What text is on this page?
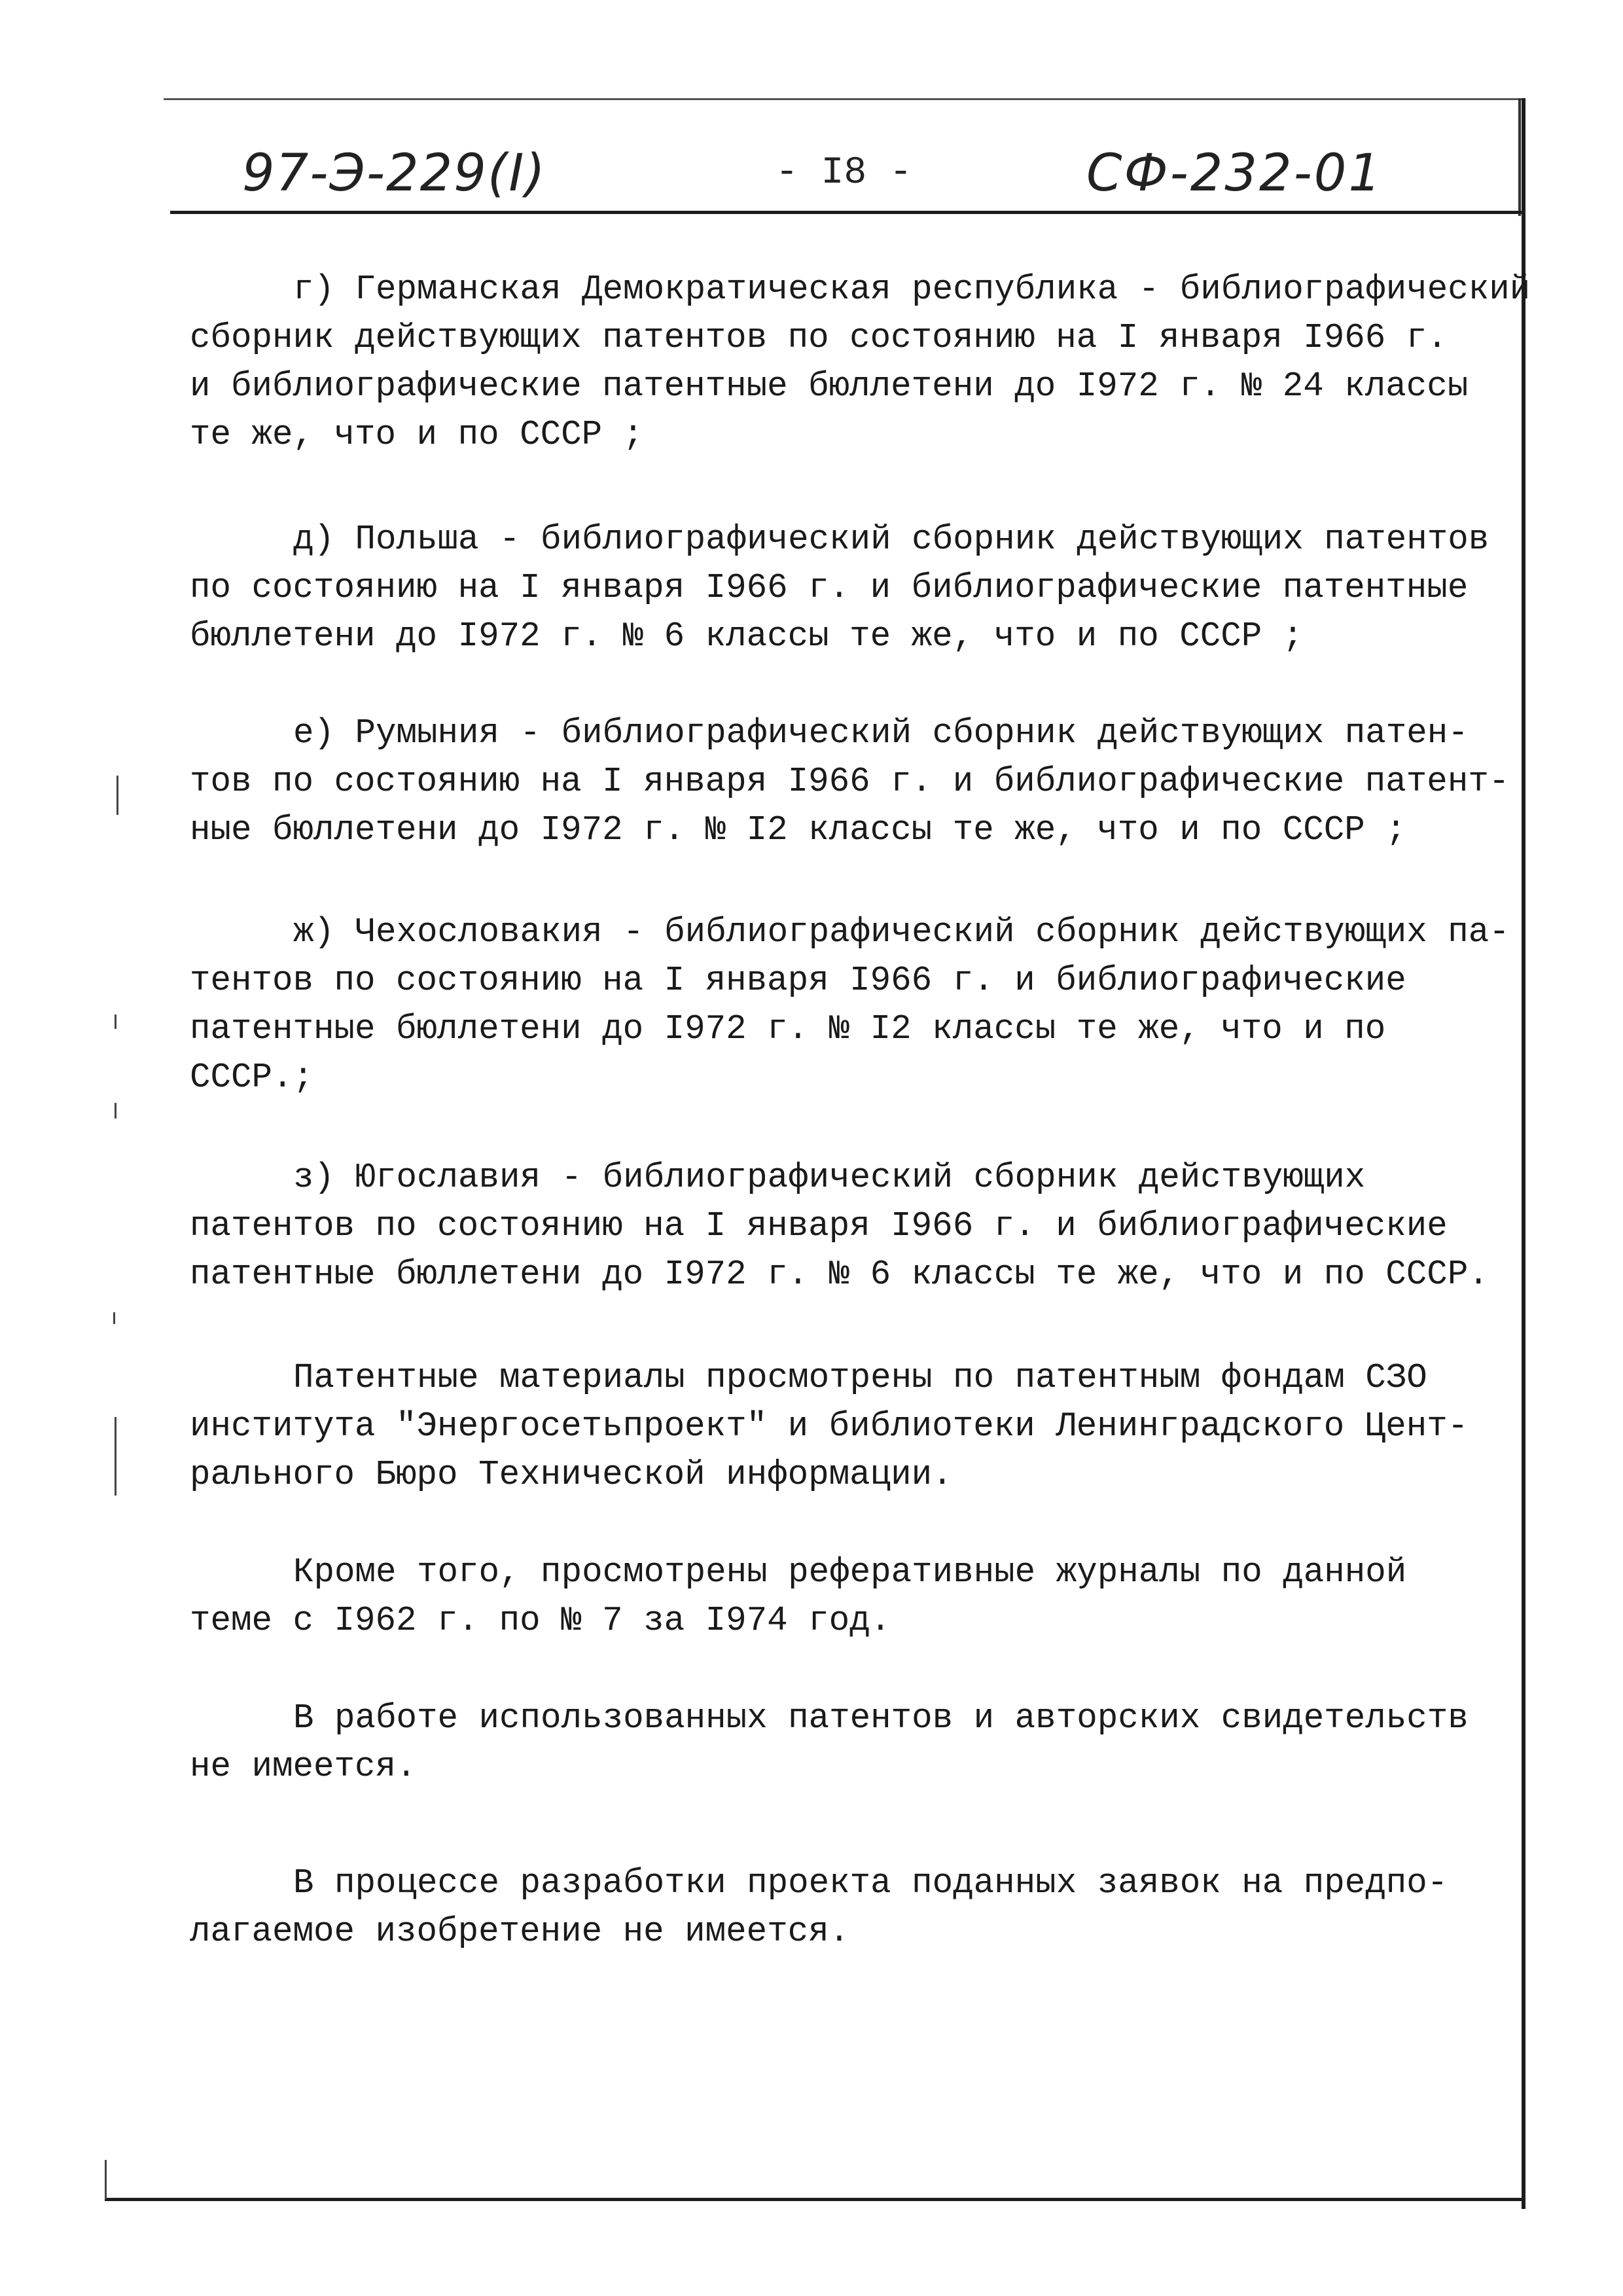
97-Э-229(I)	- I8 -	СФ-232-01
г) Германская Демократическая республика - библиографический
сборник действующих патентов по состоянию на I января I966 г.
и библиографические патентные бюллетени до I972 г. № 24 классы
те же, что и по СССР ;
д) Польша - библиографический сборник действующих патентов
по состоянию на I января I966 г. и библиографические патентные
бюллетени до I972 г. № 6 классы те же, что и по СССР ;
е) Румыния - библиографический сборник действующих патен-
тов по состоянию на I января I966 г. и библиографические патент-
ные бюллетени до I972 г. № I2 классы те же, что и по СССР ;
ж) Чехословакия - библиографический сборник действующих па-
тентов по состоянию на I января I966 г. и библиографические
патентные бюллетени до I972 г. № I2 классы те же, что и по
СССР.;
з) Югославия - библиографический сборник действующих
патентов по состоянию на I января I966 г. и библиографические
патентные бюллетени до I972 г. № 6 классы те же, что и по СССР.
Патентные материалы просмотрены по патентным фондам СЗО
института "Энергосетьпроект" и библиотеки Ленинградского Цент-
рального Бюро Технической информации.
Кроме того, просмотрены реферативные журналы по данной
теме с I962 г. по № 7 за I974 год.
В работе использованных патентов и авторских свидетельств
не имеется.
В процессе разработки проекта поданных заявок на предпо-
лагаемое изобретение не имеется.
